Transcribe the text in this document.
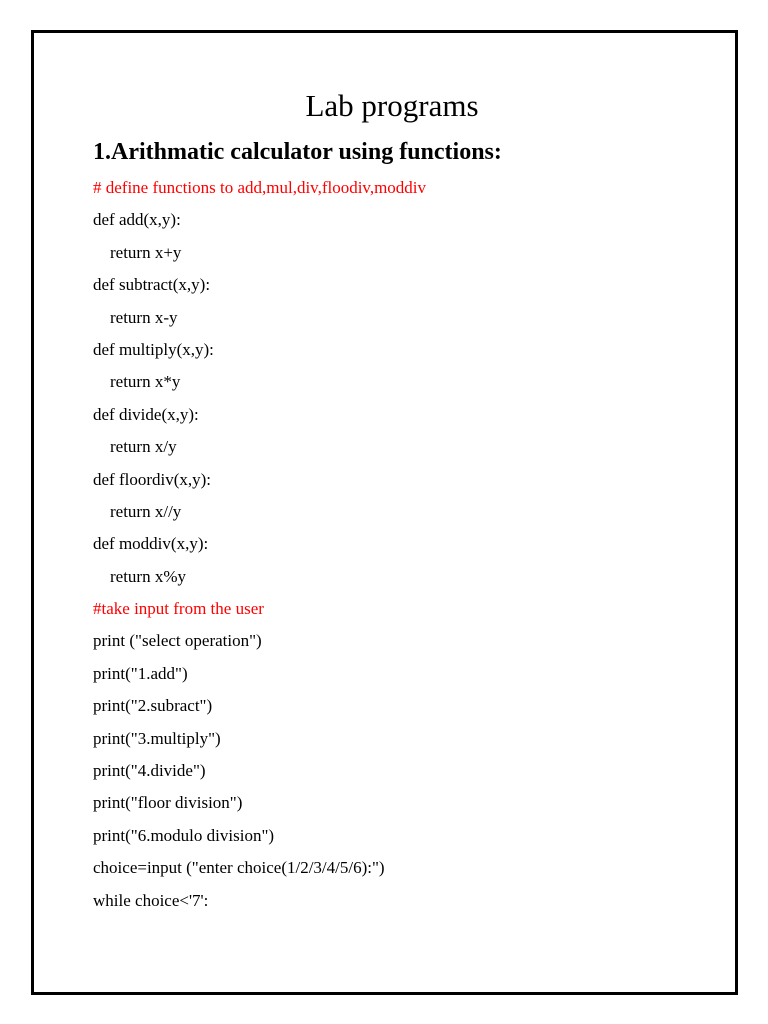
Lab programs
1.Arithmatic calculator using functions:
# define functions to add,mul,div,floodiv,moddiv
def add(x,y):
return x+y
def subtract(x,y):
return x-y
def multiply(x,y):
return x*y
def divide(x,y):
return x/y
def floordiv(x,y):
return x//y
def moddiv(x,y):
return x%y
#take input from the user
print ("select operation")
print("1.add")
print("2.subract")
print("3.multiply")
print("4.divide")
print("floor division")
print("6.modulo division")
choice=input ("enter choice(1/2/3/4/5/6):")
while choice<'7':
